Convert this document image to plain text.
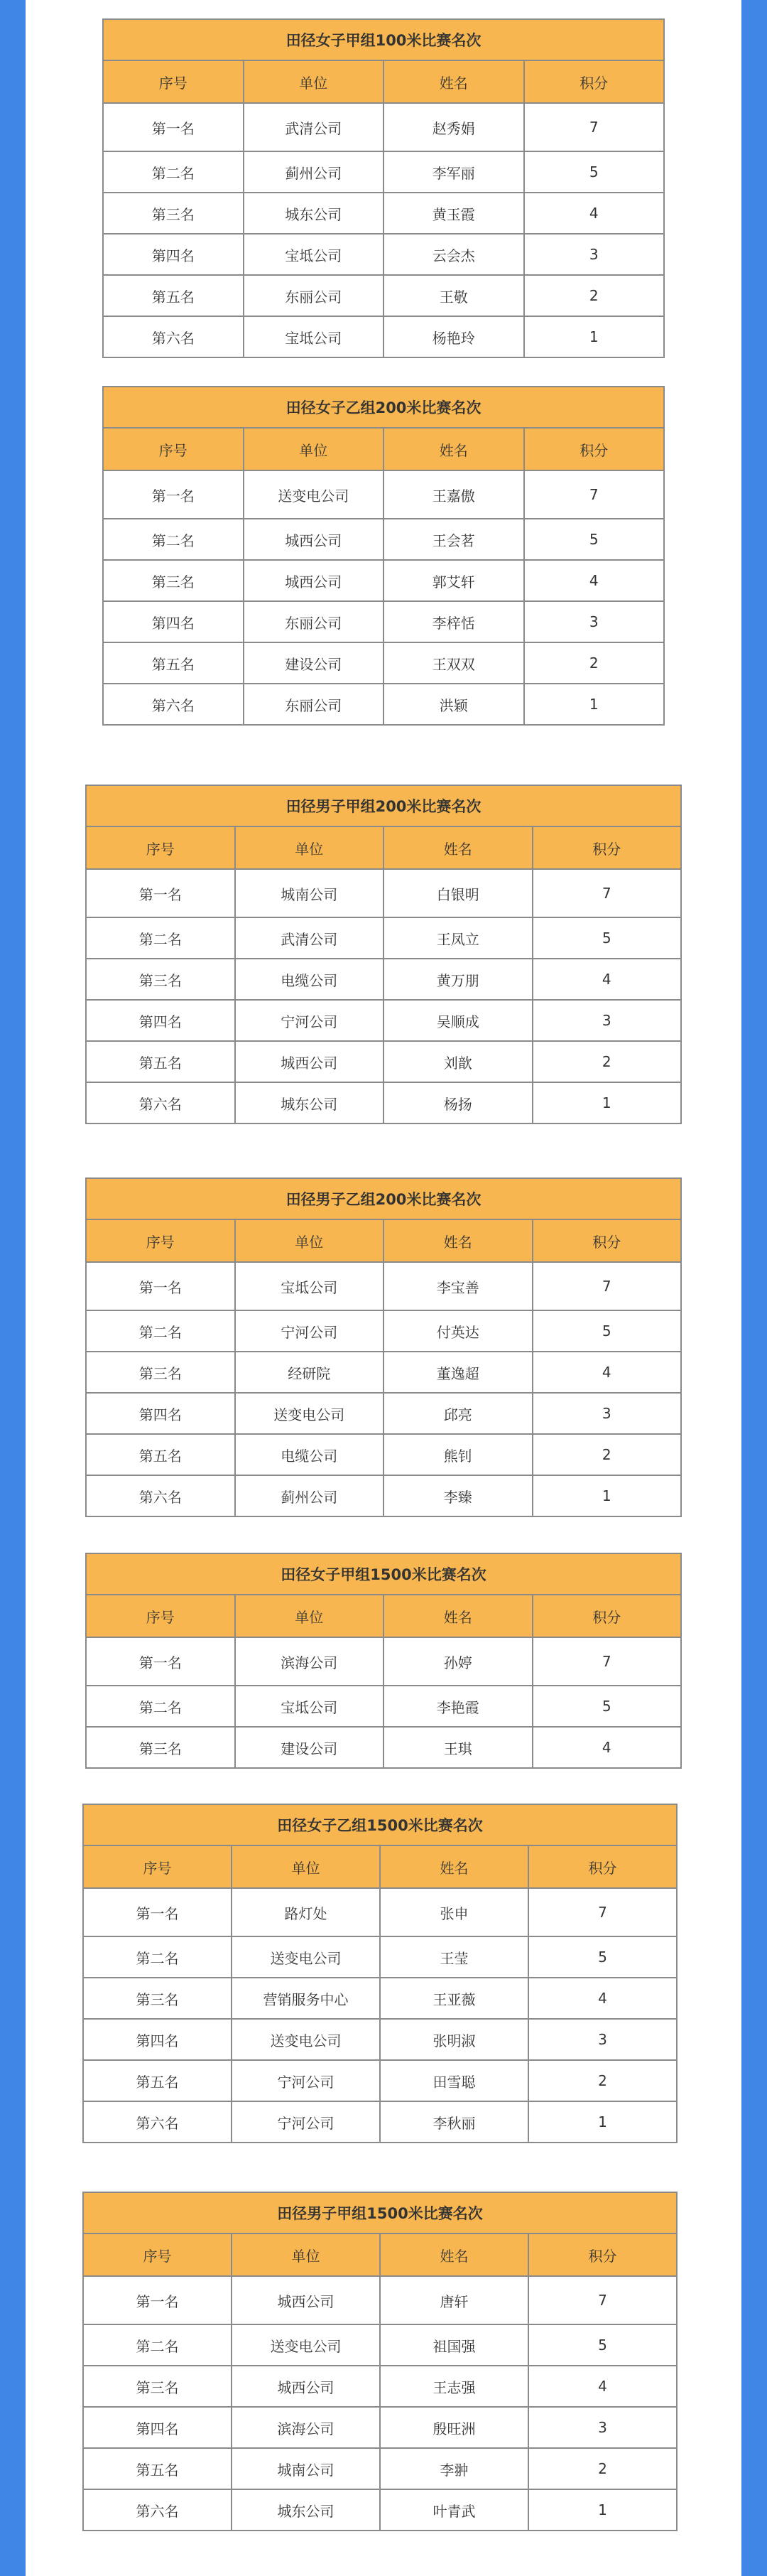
田径女子甲组100米比赛名次			
序号	单位	姓名	积分
第一名	武清公司	赵秀娟	7
第二名	蓟州公司	李军丽	5
第三名	城东公司	黄玉霞	4
第四名	宝坻公司	云会杰	3
第五名	东丽公司	王敬	2
第六名	宝坻公司	杨艳玲	1
田径女子乙组200米比赛名次			
序号	单位	姓名	积分
第一名	送变电公司	王嘉傲	7
第二名	城西公司	王会茗	5
第三名	城西公司	郭艾轩	4
第四名	东丽公司	李梓恬	3
第五名	建设公司	王双双	2
第六名	东丽公司	洪颖	1
田径男子甲组200米比赛名次			
序号	单位	姓名	积分
第一名	城南公司	白银明	7
第二名	武清公司	王凤立	5
第三名	电缆公司	黄万朋	4
第四名	宁河公司	吴顺成	3
第五名	城西公司	刘歆	2
第六名	城东公司	杨扬	1
田径男子乙组200米比赛名次			
序号	单位	姓名	积分
第一名	宝坻公司	李宝善	7
第二名	宁河公司	付英达	5
第三名	经研院	董逸超	4
第四名	送变电公司	邱亮	3
第五名	电缆公司	熊钊	2
第六名	蓟州公司	李臻	1
田径女子甲组1500米比赛名次			
序号	单位	姓名	积分
第一名	滨海公司	孙婷	7
第二名	宝坻公司	李艳霞	5
第三名	建设公司	王琪	4
田径女子乙组1500米比赛名次			
序号	单位	姓名	积分
第一名	路灯处	张申	7
第二名	送变电公司	王莹	5
第三名	营销服务中心	王亚薇	4
第四名	送变电公司	张明淑	3
第五名	宁河公司	田雪聪	2
第六名	宁河公司	李秋丽	1
田径男子甲组1500米比赛名次			
序号	单位	姓名	积分
第一名	城西公司	唐轩	7
第二名	送变电公司	祖国强	5
第三名	城西公司	王志强	4
第四名	滨海公司	殷旺洲	3
第五名	城南公司	李翀	2
第六名	城东公司	叶青武	1
ⓘ 大众网 · 海报
